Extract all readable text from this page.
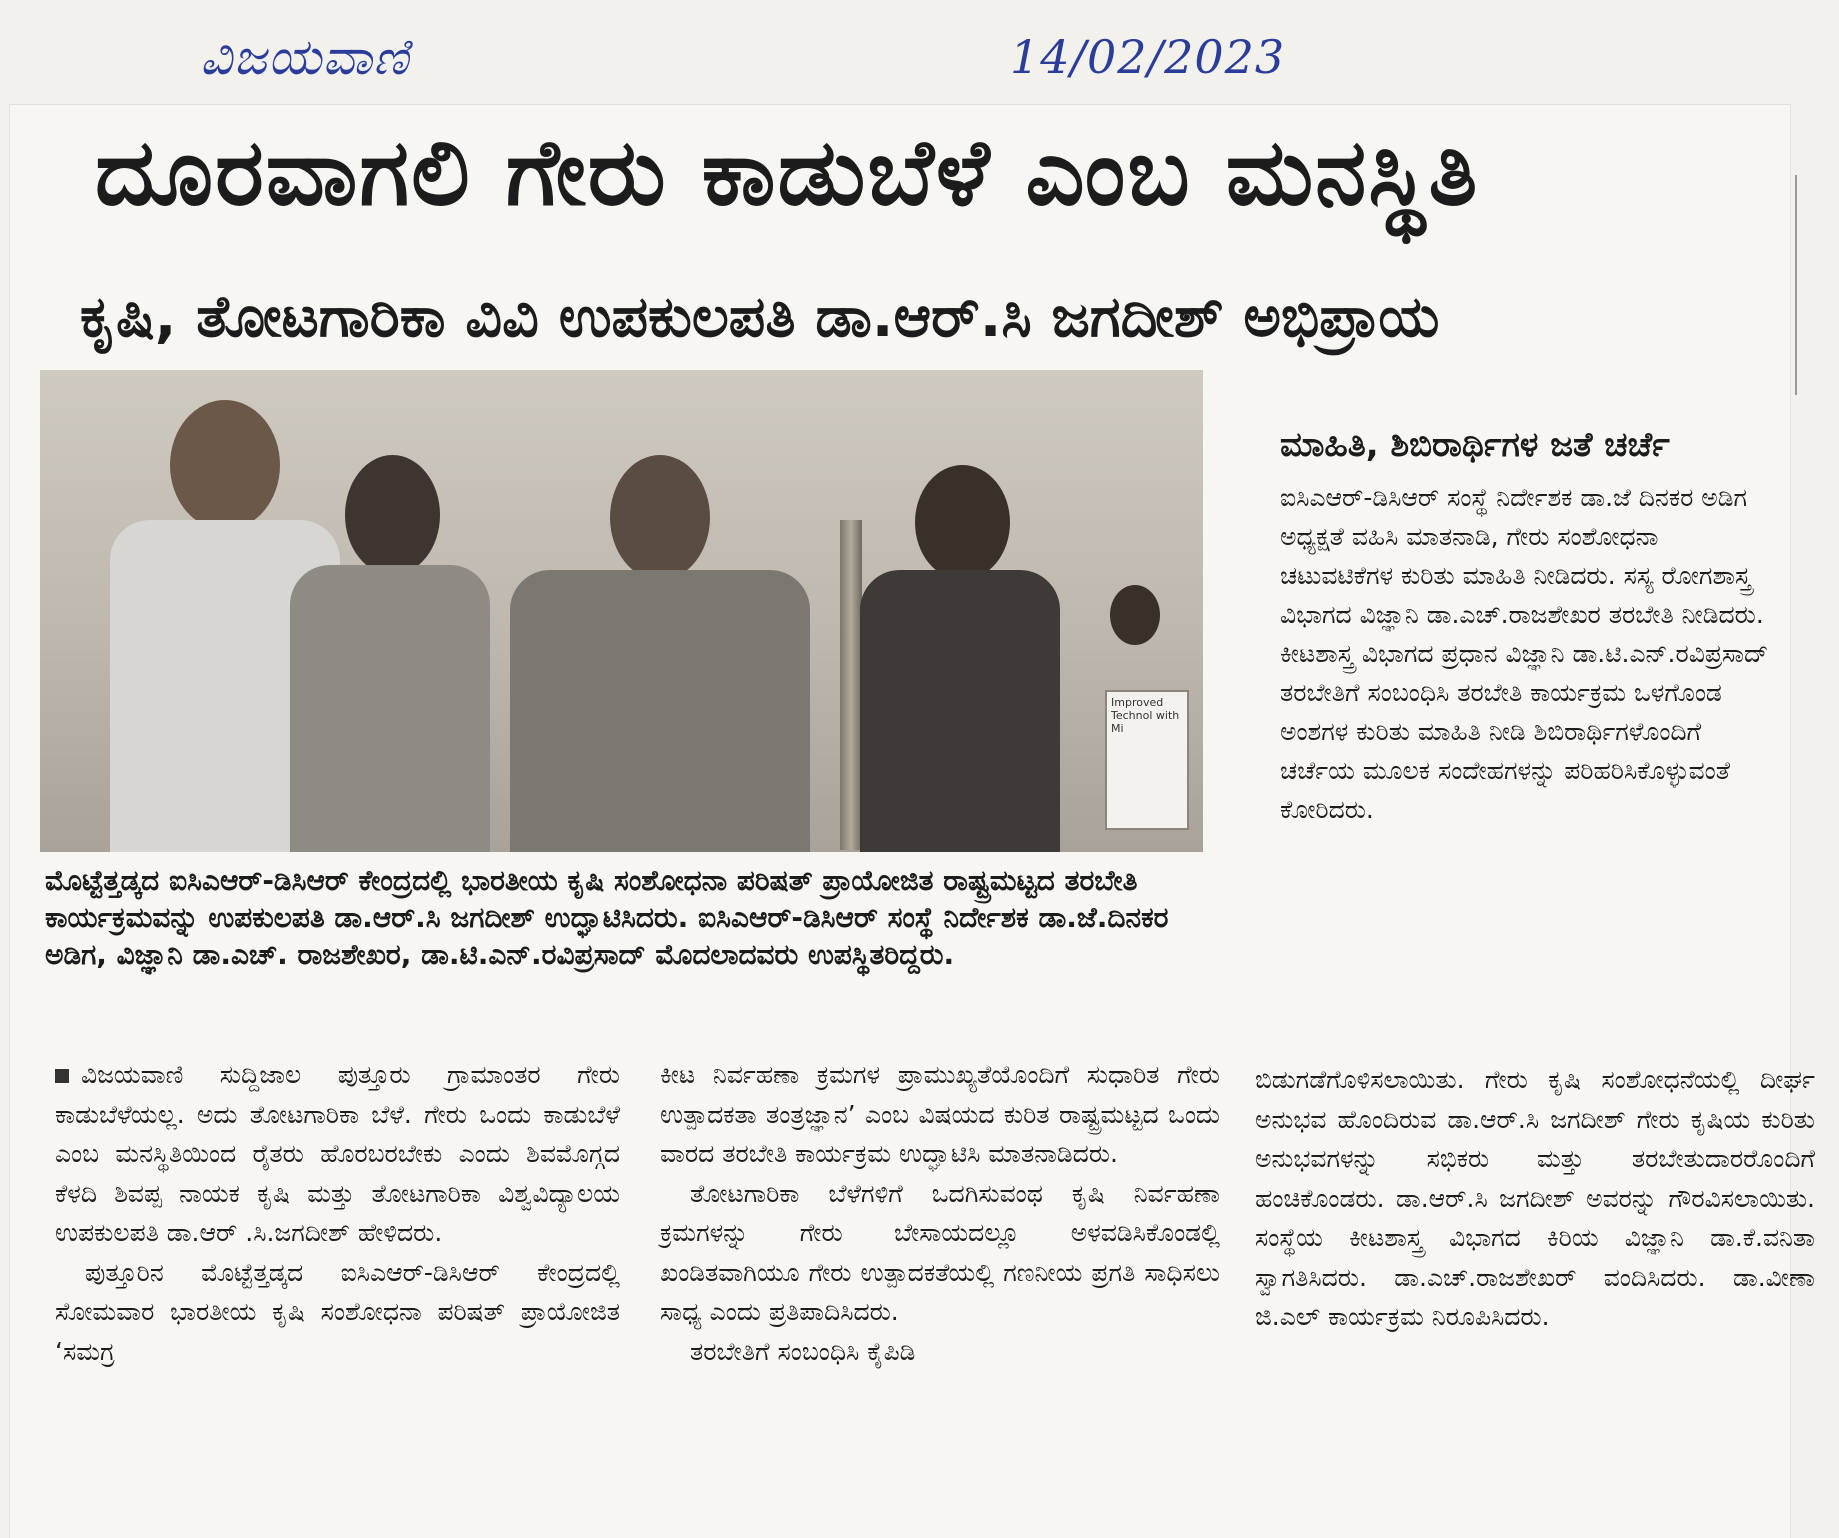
ವಿಜಯವಾಣಿ	14/02/2023
ದೂರವಾಗಲಿ ಗೇರು ಕಾಡುಬೆಳೆ ಎಂಬ ಮನಸ್ಥಿತಿ
ಕೃಷಿ, ತೋಟಗಾರಿಕಾ ವಿವಿ ಉಪಕುಲಪತಿ ಡಾ.ಆರ್.ಸಿ ಜಗದೀಶ್ ಅಭಿಪ್ರಾಯ
Improved Technol with Mi
ಮೊಟ್ಟೆತ್ತಡ್ಕದ ಐಸಿಎಆರ್-ಡಿಸಿಆರ್ ಕೇಂದ್ರದಲ್ಲಿ ಭಾರತೀಯ ಕೃಷಿ ಸಂಶೋಧನಾ ಪರಿಷತ್ ಪ್ರಾಯೋಜಿತ ರಾಷ್ಟ್ರಮಟ್ಟದ ತರಬೇತಿ ಕಾರ್ಯಕ್ರಮವನ್ನು ಉಪಕುಲಪತಿ ಡಾ.ಆರ್.ಸಿ ಜಗದೀಶ್ ಉದ್ಘಾಟಿಸಿದರು. ಐಸಿಎಆರ್-ಡಿಸಿಆರ್ ಸಂಸ್ಥೆ ನಿರ್ದೇಶಕ ಡಾ.ಜೆ.ದಿನಕರ ಅಡಿಗ, ವಿಜ್ಞಾನಿ ಡಾ.ಎಚ್. ರಾಜಶೇಖರ, ಡಾ.ಟಿ.ಎನ್.ರವಿಪ್ರಸಾದ್ ಮೊದಲಾದವರು ಉಪಸ್ಥಿತರಿದ್ದರು.
ಮಾಹಿತಿ, ಶಿಬಿರಾರ್ಥಿಗಳ ಜತೆ ಚರ್ಚೆ

ಐಸಿಎಆರ್-ಡಿಸಿಆರ್ ಸಂಸ್ಥೆ ನಿರ್ದೇಶಕ ಡಾ.ಜೆ ದಿನಕರ ಅಡಿಗ ಅಧ್ಯಕ್ಷತೆ ವಹಿಸಿ ಮಾತನಾಡಿ, ಗೇರು ಸಂಶೋಧನಾ ಚಟುವಟಿಕೆಗಳ ಕುರಿತು ಮಾಹಿತಿ ನೀಡಿದರು. ಸಸ್ಯ ರೋಗಶಾಸ್ತ್ರ ವಿಭಾಗದ ವಿಜ್ಞಾನಿ ಡಾ.ಎಚ್.ರಾಜಶೇಖರ ತರಬೇತಿ ನೀಡಿದರು. ಕೀಟಶಾಸ್ತ್ರ ವಿಭಾಗದ ಪ್ರಧಾನ ವಿಜ್ಞಾನಿ ಡಾ.ಟಿ.ಎನ್.ರವಿಪ್ರಸಾದ್ ತರಬೇತಿಗೆ ಸಂಬಂಧಿಸಿ ತರಬೇತಿ ಕಾರ್ಯಕ್ರಮ ಒಳಗೊಂಡ ಅಂಶಗಳ ಕುರಿತು ಮಾಹಿತಿ ನೀಡಿ ಶಿಬಿರಾರ್ಥಿಗಳೊಂದಿಗೆ ಚರ್ಚೆಯ ಮೂಲಕ ಸಂದೇಹಗಳನ್ನು ಪರಿಹರಿಸಿಕೊಳ್ಳುವಂತೆ ಕೋರಿದರು.

ವಿಜಯವಾಣಿ ಸುದ್ದಿಜಾಲ ಪುತ್ತೂರು ಗ್ರಾಮಾಂತರ ಗೇರು ಕಾಡುಬೆಳೆಯಲ್ಲ. ಅದು ತೋಟಗಾರಿಕಾ ಬೆಳೆ. ಗೇರು ಒಂದು ಕಾಡುಬೆಳೆ ಎಂಬ ಮನಸ್ಥಿತಿಯಿಂದ ರೈತರು ಹೊರಬರಬೇಕು ಎಂದು ಶಿವಮೊಗ್ಗದ ಕೆಳದಿ ಶಿವಪ್ಪ ನಾಯಕ ಕೃಷಿ ಮತ್ತು ತೋಟಗಾರಿಕಾ ವಿಶ್ವವಿದ್ಯಾಲಯ ಉಪಕುಲಪತಿ ಡಾ.ಆರ್ .ಸಿ.ಜಗದೀಶ್ ಹೇಳಿದರು.

ಪುತ್ತೂರಿನ ಮೊಟ್ಟೆತ್ತಡ್ಕದ ಐಸಿಎಆರ್-ಡಿಸಿಆರ್ ಕೇಂದ್ರದಲ್ಲಿ ಸೋಮವಾರ ಭಾರತೀಯ ಕೃಷಿ ಸಂಶೋಧನಾ ಪರಿಷತ್ ಪ್ರಾಯೋಜಿತ ‘ಸಮಗ್ರ

ಕೀಟ ನಿರ್ವಹಣಾ ಕ್ರಮಗಳ ಪ್ರಾಮುಖ್ಯತೆಯೊಂದಿಗೆ ಸುಧಾರಿತ ಗೇರು ಉತ್ಪಾದಕತಾ ತಂತ್ರಜ್ಞಾನ’ ಎಂಬ ವಿಷಯದ ಕುರಿತ ರಾಷ್ಟ್ರಮಟ್ಟದ ಒಂದು ವಾರದ ತರಬೇತಿ ಕಾರ್ಯಕ್ರಮ ಉದ್ಘಾಟಿಸಿ ಮಾತನಾಡಿದರು.

ತೋಟಗಾರಿಕಾ ಬೆಳೆಗಳಿಗೆ ಒದಗಿಸುವಂಥ ಕೃಷಿ ನಿರ್ವಹಣಾ ಕ್ರಮಗಳನ್ನು ಗೇರು ಬೇಸಾಯದಲ್ಲೂ ಅಳವಡಿಸಿಕೊಂಡಲ್ಲಿ ಖಂಡಿತವಾಗಿಯೂ ಗೇರು ಉತ್ಪಾದಕತೆಯಲ್ಲಿ ಗಣನೀಯ ಪ್ರಗತಿ ಸಾಧಿಸಲು ಸಾಧ್ಯ ಎಂದು ಪ್ರತಿಪಾದಿಸಿದರು.

ತರಬೇತಿಗೆ ಸಂಬಂಧಿಸಿ ಕೈಪಿಡಿ

ಬಿಡುಗಡೆಗೊಳಿಸಲಾಯಿತು. ಗೇರು ಕೃಷಿ ಸಂಶೋಧನೆಯಲ್ಲಿ ದೀರ್ಘ ಅನುಭವ ಹೊಂದಿರುವ ಡಾ.ಆರ್.ಸಿ ಜಗದೀಶ್ ಗೇರು ಕೃಷಿಯ ಕುರಿತು ಅನುಭವಗಳನ್ನು ಸಭಿಕರು ಮತ್ತು ತರಬೇತುದಾರರೊಂದಿಗೆ ಹಂಚಿಕೊಂಡರು. ಡಾ.ಆರ್.ಸಿ ಜಗದೀಶ್ ಅವರನ್ನು ಗೌರವಿಸಲಾಯಿತು. ಸಂಸ್ಥೆಯ ಕೀಟಶಾಸ್ತ್ರ ವಿಭಾಗದ ಕಿರಿಯ ವಿಜ್ಞಾನಿ ಡಾ.ಕೆ.ವನಿತಾ ಸ್ವಾಗತಿಸಿದರು. ಡಾ.ಎಚ್.ರಾಜಶೇಖರ್ ವಂದಿಸಿದರು. ಡಾ.ವೀಣಾ ಜಿ.ಎಲ್ ಕಾರ್ಯಕ್ರಮ ನಿರೂಪಿಸಿದರು.
